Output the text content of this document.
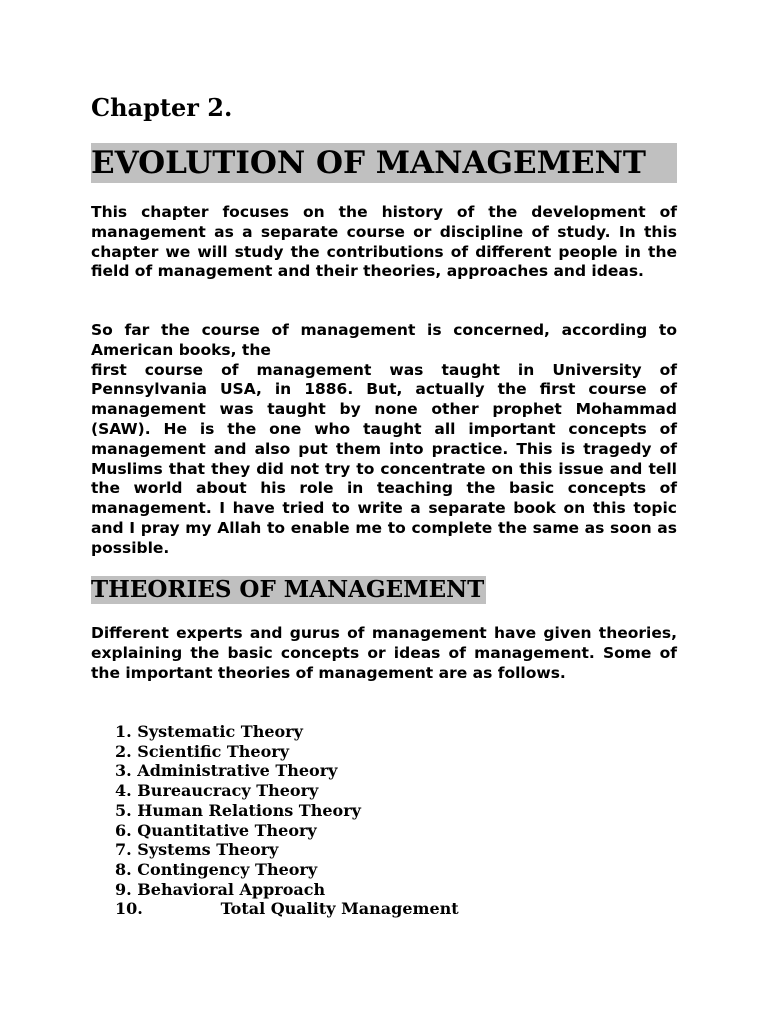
Chapter 2.
EVOLUTION OF MANAGEMENT

This chapter focuses on the history of the development of management as a separate course or discipline of study. In this chapter we will study the contributions of different people in the field of management and their theories, approaches and ideas.

So far the course of management is concerned, according to
American books, the
first course of management was taught in University of Pennsylvania USA, in 1886. But, actually the first course of management was taught by none other prophet Mohammad (SAW). He is the one who taught all important concepts of management and also put them into practice. This is tragedy of Muslims that they did not try to concentrate on this issue and tell the world about his role in teaching the basic concepts of management. I have tried to write a separate book on this topic and I pray my Allah to enable me to complete the same as soon as possible.

THEORIES OF MANAGEMENT

Different experts and gurus of management have given theories, explaining the basic concepts or ideas of management. Some of the important theories of management are as follows.

1. Systematic Theory
2. Scientific Theory
3. Administrative Theory
4. Bureaucracy Theory
5. Human Relations Theory
6. Quantitative Theory
7. Systems Theory
8. Contingency Theory
9. Behavioral Approach
10.	Total Quality Management
